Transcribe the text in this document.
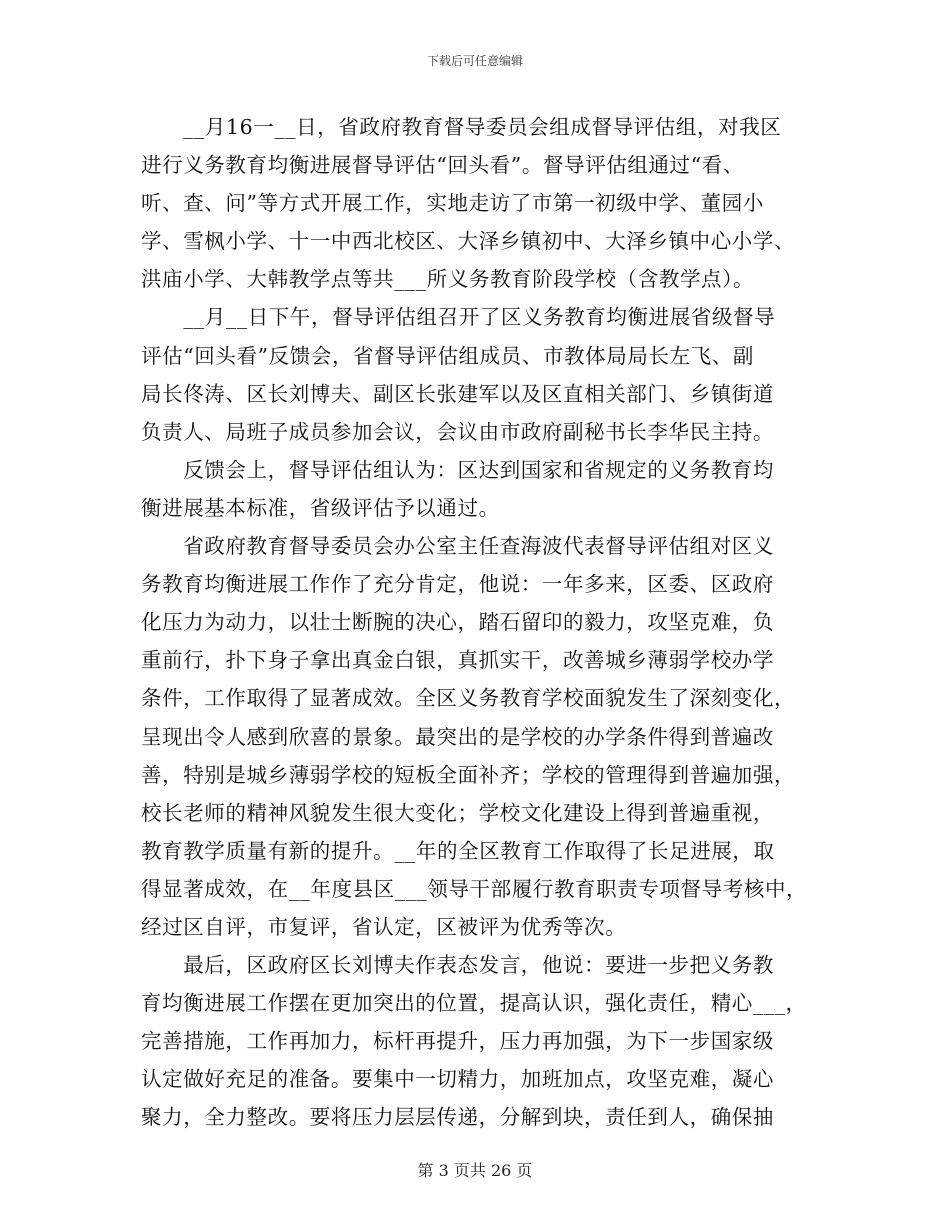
下载后可任意编辑
　　__月16一__日，省政府教育督导委员会组成督导评估组，对我区
进行义务教育均衡进展督导评估“回头看”。督导评估组通过“看、
听、查、问”等方式开展工作，实地走访了市第一初级中学、董园小
学、雪枫小学、十一中西北校区、大泽乡镇初中、大泽乡镇中心小学、
洪庙小学、大韩教学点等共___所义务教育阶段学校（含教学点）。
　　__月__日下午，督导评估组召开了区义务教育均衡进展省级督导
评估“回头看”反馈会，省督导评估组成员、市教体局局长左飞、副
局长佟涛、区长刘博夫、副区长张建军以及区直相关部门、乡镇街道
负责人、局班子成员参加会议，会议由市政府副秘书长李华民主持。
　　反馈会上，督导评估组认为：区达到国家和省规定的义务教育均
衡进展基本标准，省级评估予以通过。
　　省政府教育督导委员会办公室主任查海波代表督导评估组对区义
务教育均衡进展工作作了充分肯定，他说：一年多来，区委、区政府
化压力为动力，以壮士断腕的决心，踏石留印的毅力，攻坚克难，负
重前行，扑下身子拿出真金白银，真抓实干，改善城乡薄弱学校办学
条件，工作取得了显著成效。全区义务教育学校面貌发生了深刻变化，
呈现出令人感到欣喜的景象。最突出的是学校的办学条件得到普遍改
善，特别是城乡薄弱学校的短板全面补齐；学校的管理得到普遍加强，
校长老师的精神风貌发生很大变化；学校文化建设上得到普遍重视，
教育教学质量有新的提升。__年的全区教育工作取得了长足进展，取
得显著成效，在__年度县区___领导干部履行教育职责专项督导考核中，
经过区自评，市复评，省认定，区被评为优秀等次。
　　最后，区政府区长刘博夫作表态发言，他说：要进一步把义务教
育均衡进展工作摆在更加突出的位置，提高认识，强化责任，精心___，
完善措施，工作再加力，标杆再提升，压力再加强，为下一步国家级
认定做好充足的准备。要集中一切精力，加班加点，攻坚克难，凝心
聚力，全力整改。要将压力层层传递，分解到块，责任到人，确保抽
第 3 页共 26 页
